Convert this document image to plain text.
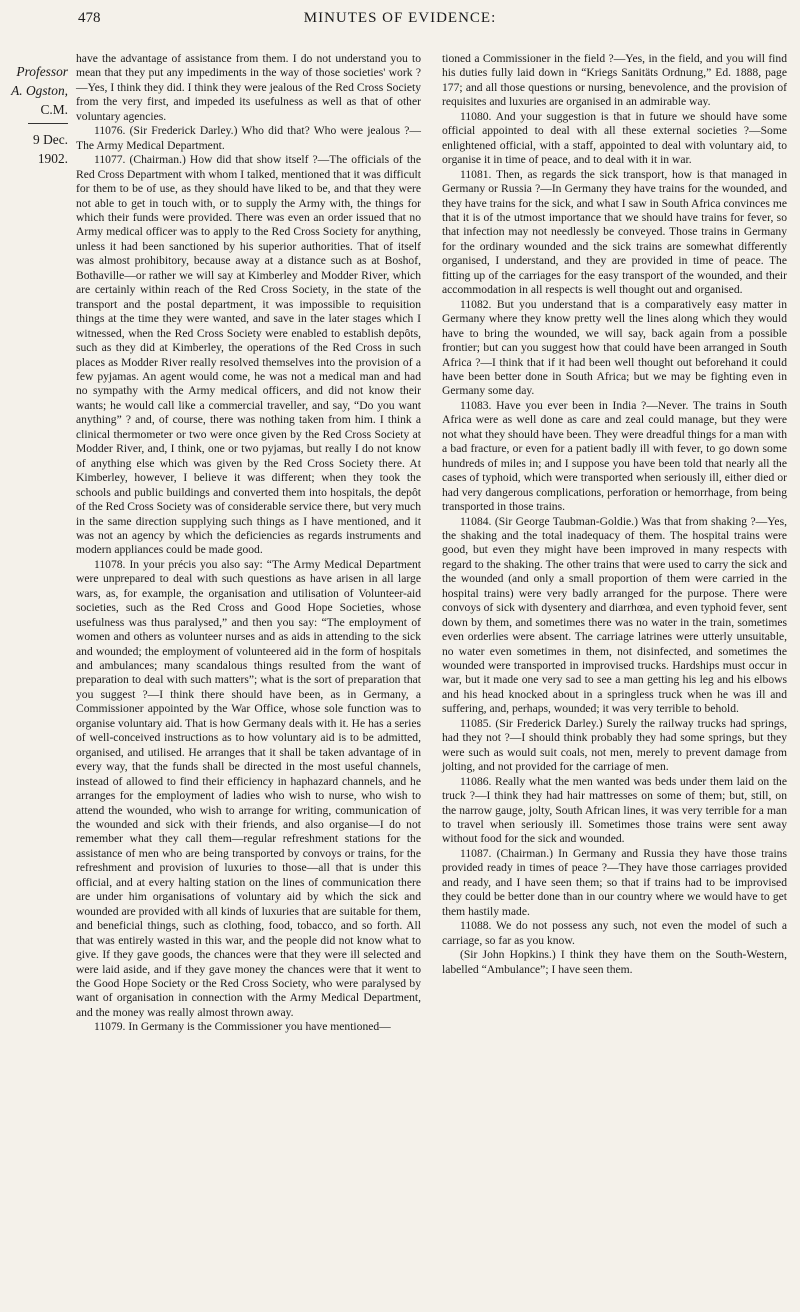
478	MINUTES OF EVIDENCE:
Professor
A. Ogston,
C.M.
9 Dec. 1902.

have the advantage of assistance from them. I do not understand you to mean that they put any impediments in the way of those societies' work ?—Yes, I think they did. I think they were jealous of the Red Cross Society from the very first, and impeded its usefulness as well as that of other voluntary agencies.

11076. (Sir Frederick Darley.) Who did that? Who were jealous ?—The Army Medical Department.

11077. (Chairman.) How did that show itself ?—The officials of the Red Cross Department with whom I talked, mentioned that it was difficult for them to be of use, as they should have liked to be, and that they were not able to get in touch with, or to supply the Army with, the things for which their funds were provided. There was even an order issued that no Army medical officer was to apply to the Red Cross Society for anything, unless it had been sanctioned by his superior authorities. That of itself was almost prohibitory, because away at a distance such as at Boshof, Bothaville—or rather we will say at Kimberley and Modder River, which are certainly within reach of the Red Cross Society, in the state of the transport and the postal department, it was impossible to requisition things at the time they were wanted, and save in the later stages which I witnessed, when the Red Cross Society were enabled to establish depôts, such as they did at Kimberley, the operations of the Red Cross in such places as Modder River really resolved themselves into the provision of a few pyjamas. An agent would come, he was not a medical man and had no sympathy with the Army medical officers, and did not know their wants; he would call like a commercial traveller, and say, “Do you want anything” ? and, of course, there was nothing taken from him. I think a clinical thermometer or two were once given by the Red Cross Society at Modder River, and, I think, one or two pyjamas, but really I do not know of anything else which was given by the Red Cross Society there. At Kimberley, however, I believe it was different; when they took the schools and public buildings and converted them into hospitals, the depôt of the Red Cross Society was of considerable service there, but very much in the same direction supplying such things as I have mentioned, and it was not an agency by which the deficiencies as regards instruments and modern appliances could be made good.

11078. In your précis you also say: “The Army Medical Department were unprepared to deal with such questions as have arisen in all large wars, as, for example, the organisation and utilisation of Volunteer-aid societies, such as the Red Cross and Good Hope Societies, whose usefulness was thus paralysed,” and then you say: “The employment of women and others as volunteer nurses and as aids in attending to the sick and wounded; the employment of volunteered aid in the form of hospitals and ambulances; many scandalous things resulted from the want of preparation to deal with such matters”; what is the sort of preparation that you suggest ?—I think there should have been, as in Germany, a Commissioner appointed by the War Office, whose sole function was to organise voluntary aid. That is how Germany deals with it. He has a series of well-conceived instructions as to how voluntary aid is to be admitted, organised, and utilised. He arranges that it shall be taken advantage of in every way, that the funds shall be directed in the most useful channels, instead of allowed to find their efficiency in haphazard channels, and he arranges for the employment of ladies who wish to nurse, who wish to attend the wounded, who wish to arrange for writing, communication of the wounded and sick with their friends, and also organise—I do not remember what they call them—regular refreshment stations for the assistance of men who are being transported by convoys or trains, for the refreshment and provision of luxuries to those—all that is under this official, and at every halting station on the lines of communication there are under him organisations of voluntary aid by which the sick and wounded are provided with all kinds of luxuries that are suitable for them, and beneficial things, such as clothing, food, tobacco, and so forth. All that was entirely wasted in this war, and the people did not know what to give. If they gave goods, the chances were that they were ill selected and were laid aside, and if they gave money the chances were that it went to the Good Hope Society or the Red Cross Society, who were paralysed by want of organisation in connection with the Army Medical Department, and the money was really almost thrown away.

11079. In Germany is the Commissioner you have mentioned—

tioned a Commissioner in the field ?—Yes, in the field, and you will find his duties fully laid down in “Kriegs Sanitäts Ordnung,” Ed. 1888, page 177; and all those questions or nursing, benevolence, and the provision of requisites and luxuries are organised in an admirable way.

11080. And your suggestion is that in future we should have some official appointed to deal with all these external societies ?—Some enlightened official, with a staff, appointed to deal with voluntary aid, to organise it in time of peace, and to deal with it in war.

11081. Then, as regards the sick transport, how is that managed in Germany or Russia ?—In Germany they have trains for the wounded, and they have trains for the sick, and what I saw in South Africa convinces me that it is of the utmost importance that we should have trains for fever, so that infection may not needlessly be conveyed. Those trains in Germany for the ordinary wounded and the sick trains are somewhat differently organised, I understand, and they are provided in time of peace. The fitting up of the carriages for the easy transport of the wounded, and their accommodation in all respects is well thought out and organised.

11082. But you understand that is a comparatively easy matter in Germany where they know pretty well the lines along which they would have to bring the wounded, we will say, back again from a possible frontier; but can you suggest how that could have been arranged in South Africa ?—I think that if it had been well thought out beforehand it could have been better done in South Africa; but we may be fighting even in Germany some day.

11083. Have you ever been in India ?—Never. The trains in South Africa were as well done as care and zeal could manage, but they were not what they should have been. They were dreadful things for a man with a bad fracture, or even for a patient badly ill with fever, to go down some hundreds of miles in; and I suppose you have been told that nearly all the cases of typhoid, which were transported when seriously ill, either died or had very dangerous complications, perforation or hemorrhage, from being transported in those trains.

11084. (Sir George Taubman-Goldie.) Was that from shaking ?—Yes, the shaking and the total inadequacy of them. The hospital trains were good, but even they might have been improved in many respects with regard to the shaking. The other trains that were used to carry the sick and the wounded (and only a small proportion of them were carried in the hospital trains) were very badly arranged for the purpose. There were convoys of sick with dysentery and diarrhœa, and even typhoid fever, sent down by them, and sometimes there was no water in the train, sometimes even orderlies were absent. The carriage latrines were utterly unsuitable, no water even sometimes in them, not disinfected, and sometimes the wounded were transported in improvised trucks. Hardships must occur in war, but it made one very sad to see a man getting his leg and his elbows and his head knocked about in a springless truck when he was ill and suffering, and, perhaps, wounded; it was very terrible to behold.

11085. (Sir Frederick Darley.) Surely the railway trucks had springs, had they not ?—I should think probably they had some springs, but they were such as would suit coals, not men, merely to prevent damage from jolting, and not provided for the carriage of men.

11086. Really what the men wanted was beds under them laid on the truck ?—I think they had hair mattresses on some of them; but, still, on the narrow gauge, jolty, South African lines, it was very terrible for a man to travel when seriously ill. Sometimes those trains were sent away without food for the sick and wounded.

11087. (Chairman.) In Germany and Russia they have those trains provided ready in times of peace ?—They have those carriages provided and ready, and I have seen them; so that if trains had to be improvised they could be better done than in our country where we would have to get them hastily made.

11088. We do not possess any such, not even the model of such a carriage, so far as you know.

(Sir John Hopkins.) I think they have them on the South-Western, labelled “Ambulance”; I have seen them.
